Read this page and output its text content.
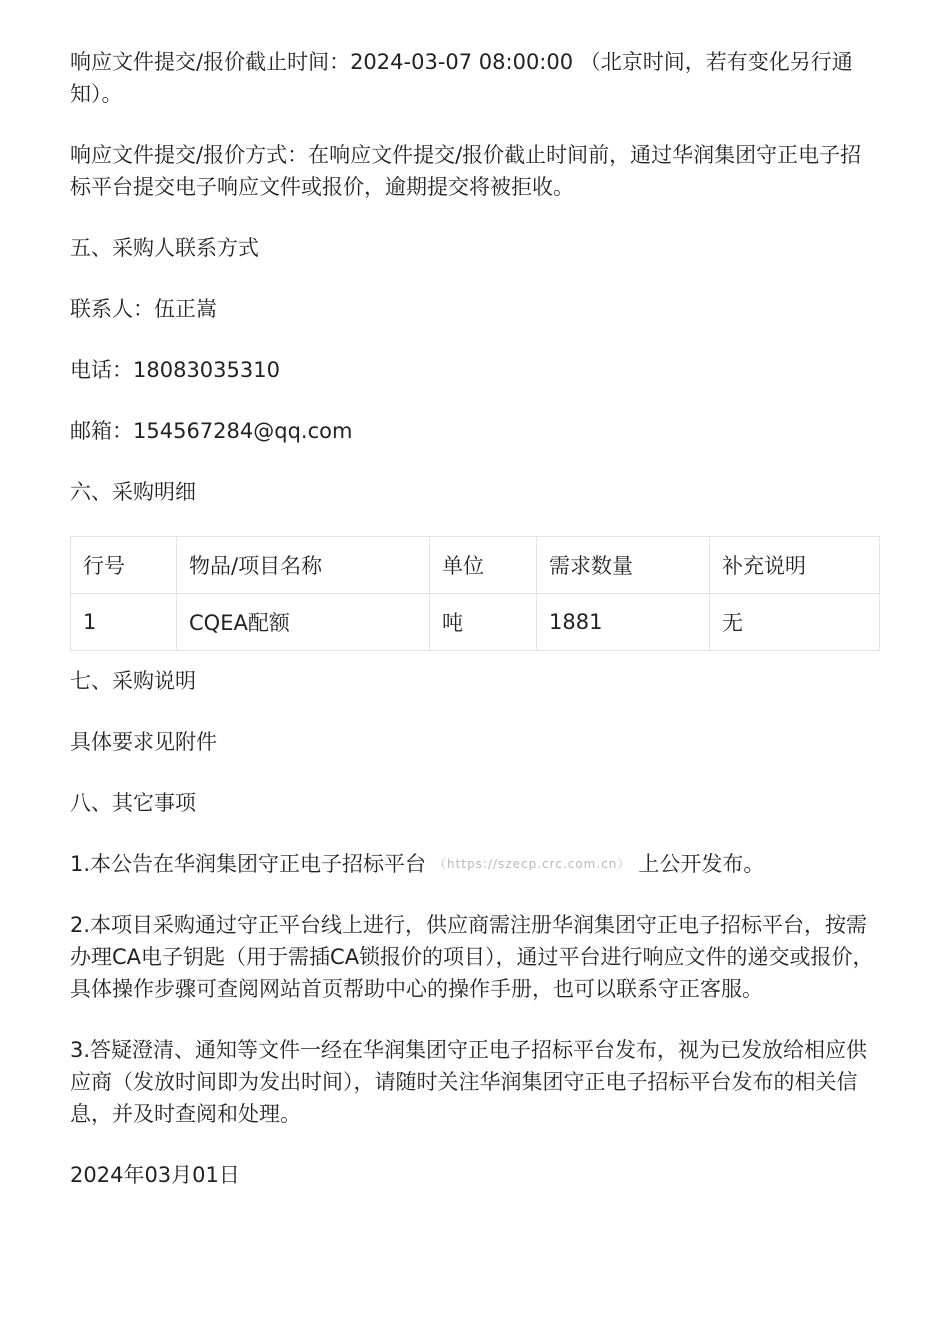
响应文件提交/报价截止时间：2024-03-07 08:00:00 （北京时间，若有变化另行通知）。

响应文件提交/报价方式：在响应文件提交/报价截止时间前，通过华润集团守正电子招标平台提交电子响应文件或报价，逾期提交将被拒收。

五、采购人联系方式

联系人：伍正嵩

电话：18083035310

邮箱：154567284@qq.com

六、采购明细

行号	物品/项目名称	单位	需求数量	补充说明
1	CQEA配额	吨	1881	无

七、采购说明

具体要求见附件

八、其它事项

1.本公告在华润集团守正电子招标平台 （https://szecp.crc.com.cn） 上公开发布。

2.本项目采购通过守正平台线上进行，供应商需注册华润集团守正电子招标平台，按需办理CA电子钥匙（用于需插CA锁报价的项目），通过平台进行响应文件的递交或报价，具体操作步骤可查阅网站首页帮助中心的操作手册，也可以联系守正客服。

3.答疑澄清、通知等文件一经在华润集团守正电子招标平台发布，视为已发放给相应供应商（发放时间即为发出时间），请随时关注华润集团守正电子招标平台发布的相关信息，并及时查阅和处理。

2024年03月01日
